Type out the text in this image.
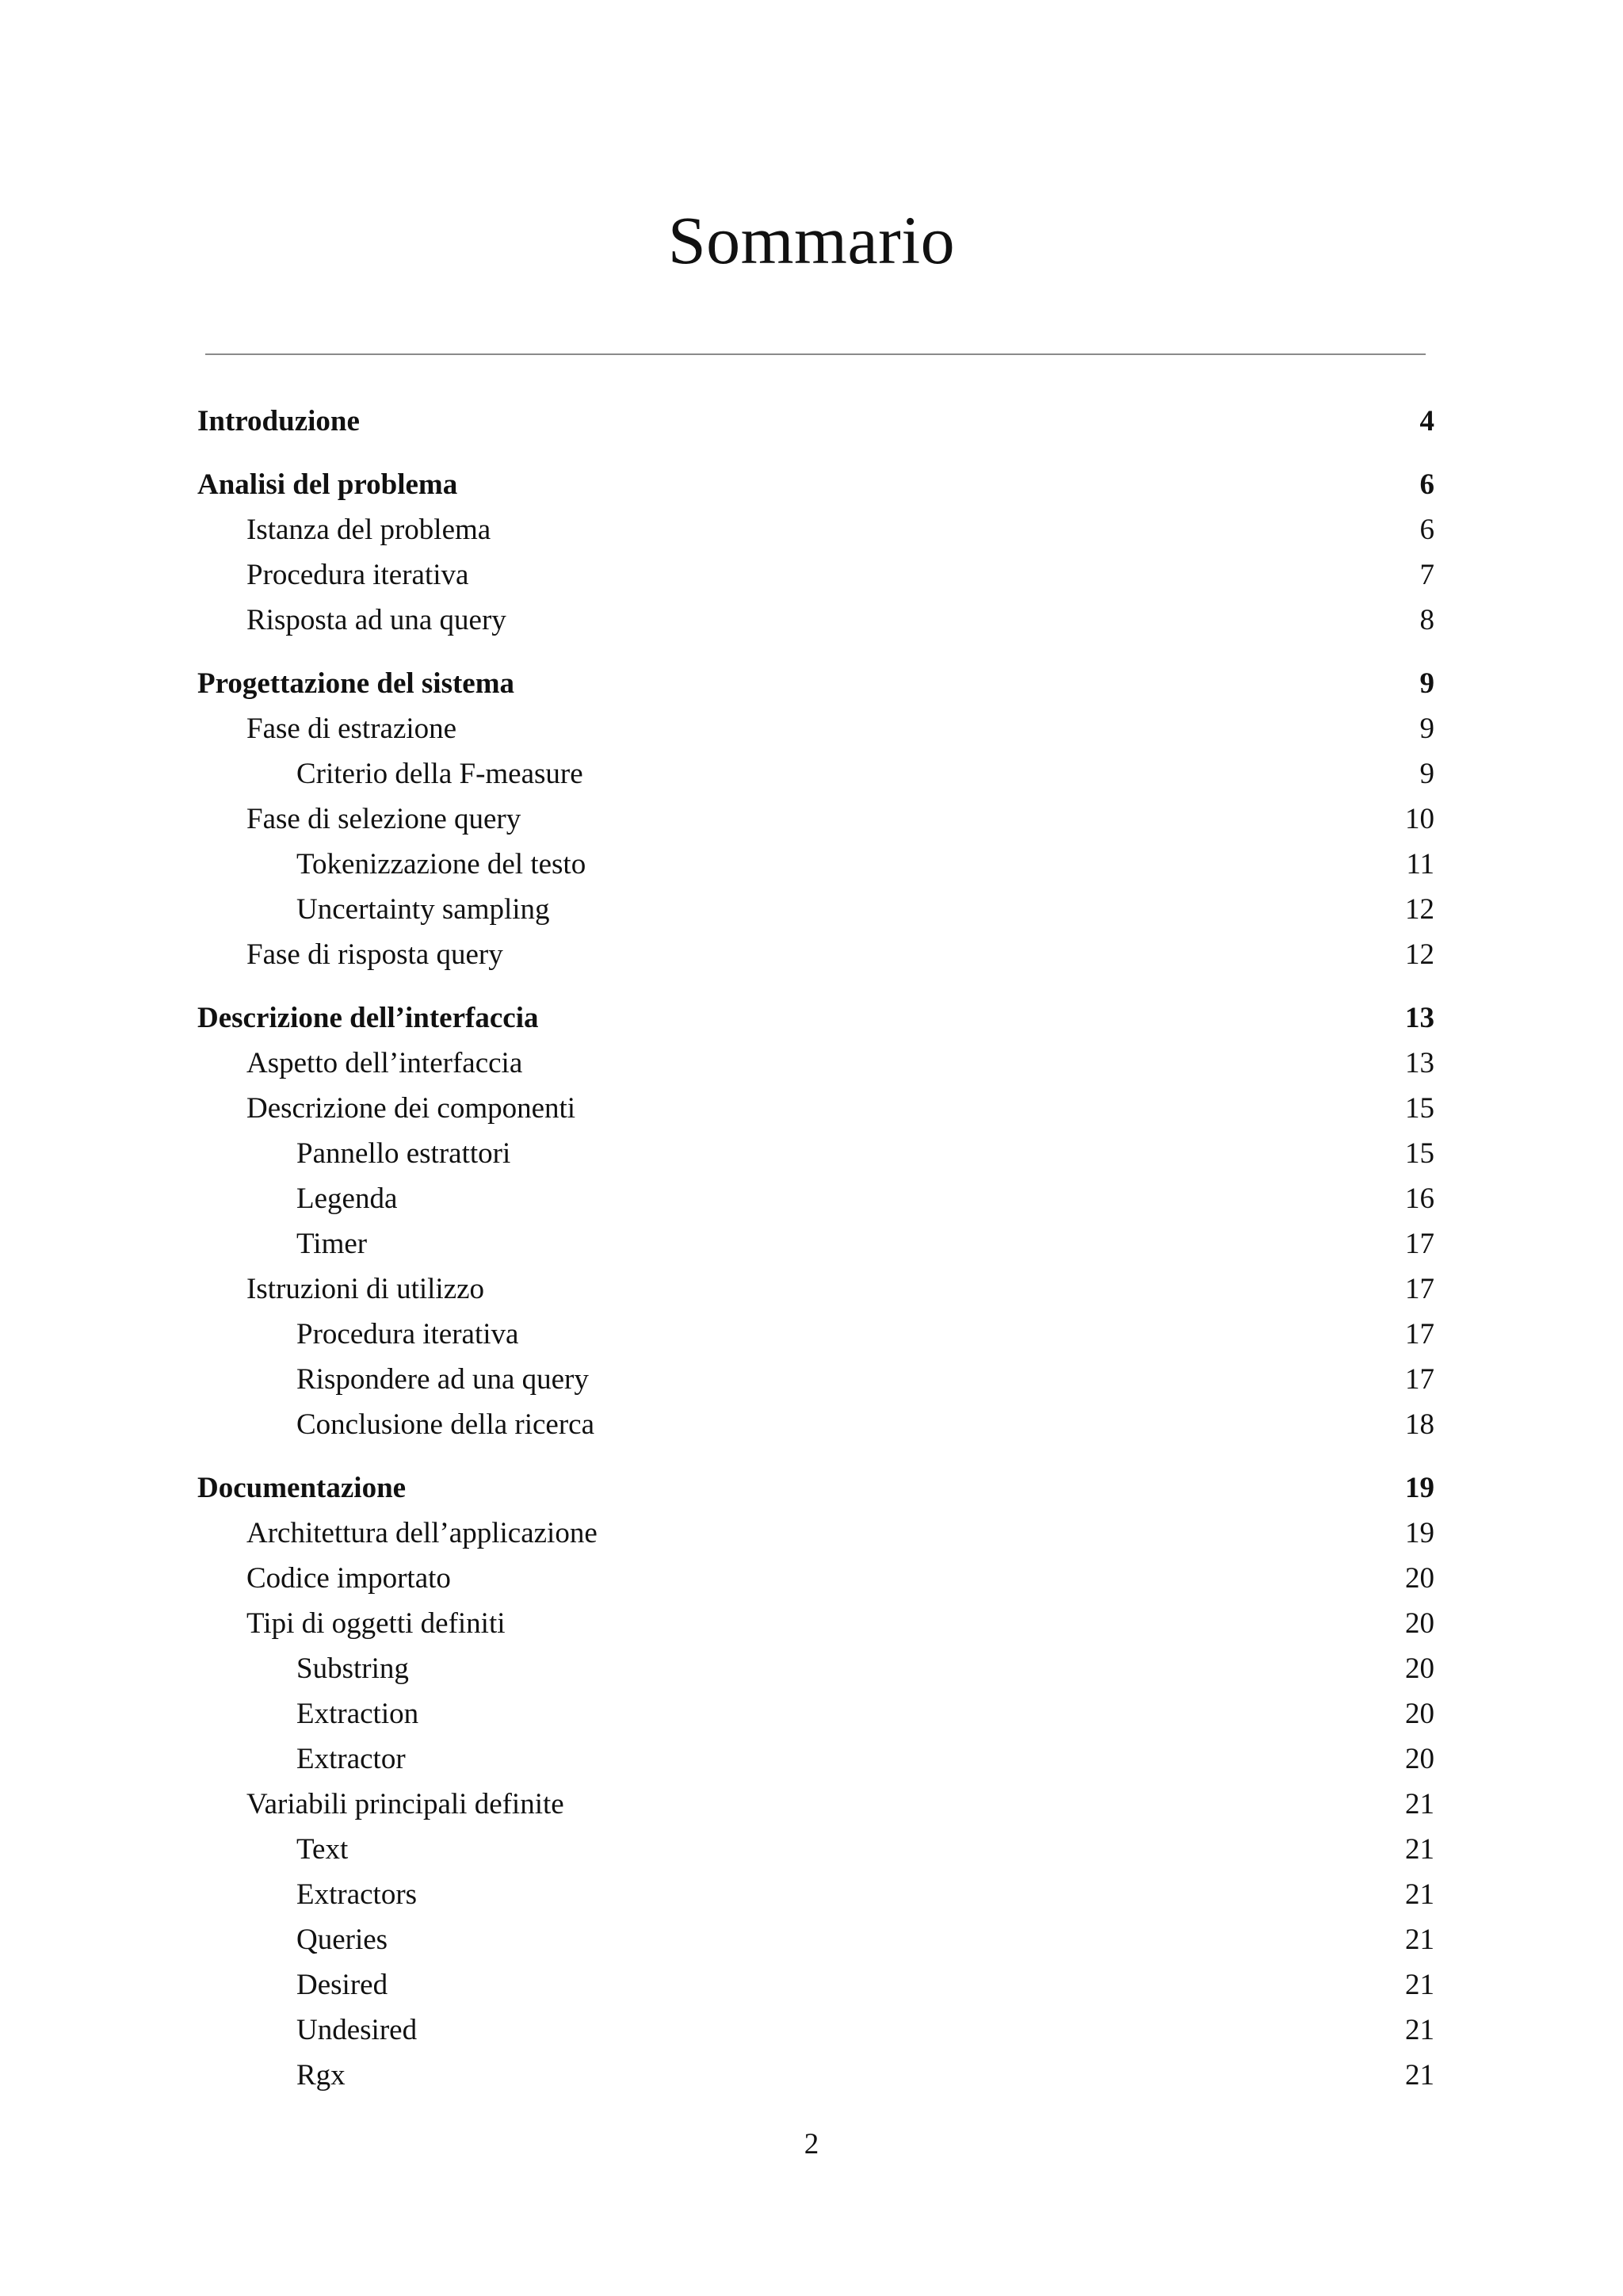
Sommario
Introduzione	4
Analisi del problema	6
Istanza del problema	6
Procedura iterativa	7
Risposta ad una query	8
Progettazione del sistema	9
Fase di estrazione	9
Criterio della F-measure	9
Fase di selezione query	10
Tokenizzazione del testo	11
Uncertainty sampling	12
Fase di risposta query	12
Descrizione dell’interfaccia	13
Aspetto dell’interfaccia	13
Descrizione dei componenti	15
Pannello estrattori	15
Legenda	16
Timer	17
Istruzioni di utilizzo	17
Procedura iterativa	17
Rispondere ad una query	17
Conclusione della ricerca	18
Documentazione	19
Architettura dell’applicazione	19
Codice importato	20
Tipi di oggetti definiti	20
Substring	20
Extraction	20
Extractor	20
Variabili principali definite	21
Text	21
Extractors	21
Queries	21
Desired	21
Undesired	21
Rgx	21
2
